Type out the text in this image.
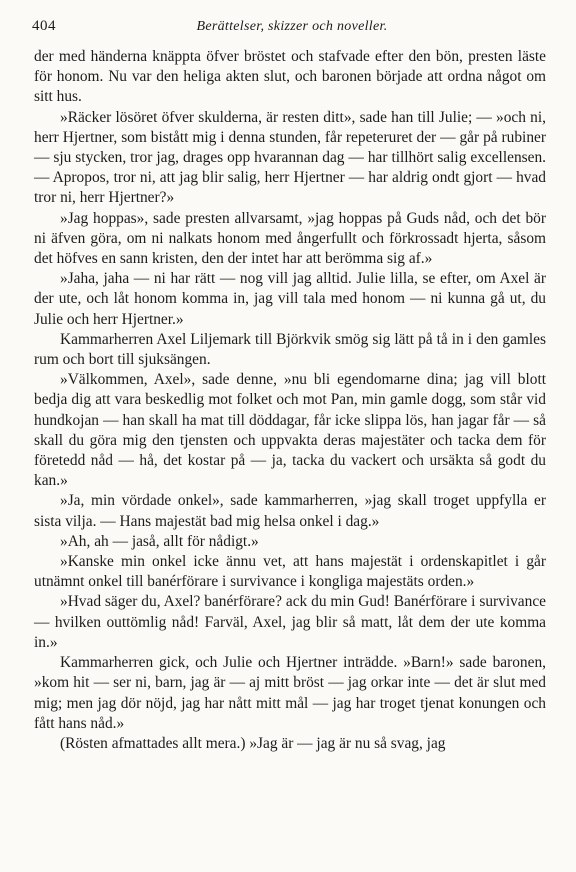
404	Berättelser, skizzer och noveller.

der med händerna knäppta öfver bröstet och stafvade efter den bön, presten läste för honom. Nu var den heliga akten slut, och baronen började att ordna något om sitt hus.

»Räcker lösöret öfver skulderna, är resten ditt», sade han till Julie; — »och ni, herr Hjertner, som bistått mig i denna stunden, får repeteruret der — går på rubiner — sju stycken, tror jag, drages opp hvarannan dag — har tillhört salig excellensen. — Apropos, tror ni, att jag blir salig, herr Hjertner — har aldrig ondt gjort — hvad tror ni, herr Hjertner?»

»Jag hoppas», sade presten allvarsamt, »jag hoppas på Guds nåd, och det bör ni äfven göra, om ni nalkats honom med ångerfullt och förkrossadt hjerta, såsom det höfves en sann kristen, den der intet har att berömma sig af.»

»Jaha, jaha — ni har rätt — nog vill jag alltid. Julie lilla, se efter, om Axel är der ute, och låt honom komma in, jag vill tala med honom — ni kunna gå ut, du Julie och herr Hjertner.»

Kammarherren Axel Liljemark till Björkvik smög sig lätt på tå in i den gamles rum och bort till sjuksängen.

»Välkommen, Axel», sade denne, »nu bli egendomarne dina; jag vill blott bedja dig att vara beskedlig mot folket och mot Pan, min gamle dogg, som står vid hundkojan — han skall ha mat till döddagar, får icke slippa lös, han jagar får — så skall du göra mig den tjensten och uppvakta deras majestäter och tacka dem för företedd nåd — hå, det kostar på — ja, tacka du vackert och ursäkta så godt du kan.»

»Ja, min vördade onkel», sade kammarherren, »jag skall troget uppfylla er sista vilja. — Hans majestät bad mig helsa onkel i dag.»

»Ah, ah — jaså, allt för nådigt.»

»Kanske min onkel icke ännu vet, att hans majestät i ordenskapitlet i går utnämnt onkel till banérförare i survivance i kongliga majestäts orden.»

»Hvad säger du, Axel? banérförare? ack du min Gud! Banérförare i survivance — hvilken outtömlig nåd! Farväl, Axel, jag blir så matt, låt dem der ute komma in.»

Kammarherren gick, och Julie och Hjertner inträdde. »Barn!» sade baronen, »kom hit — ser ni, barn, jag är — aj mitt bröst — jag orkar inte — det är slut med mig; men jag dör nöjd, jag har nått mitt mål — jag har troget tjenat konungen och fått hans nåd.»

(Rösten afmattades allt mera.) »Jag är — jag är nu så svag, jag
